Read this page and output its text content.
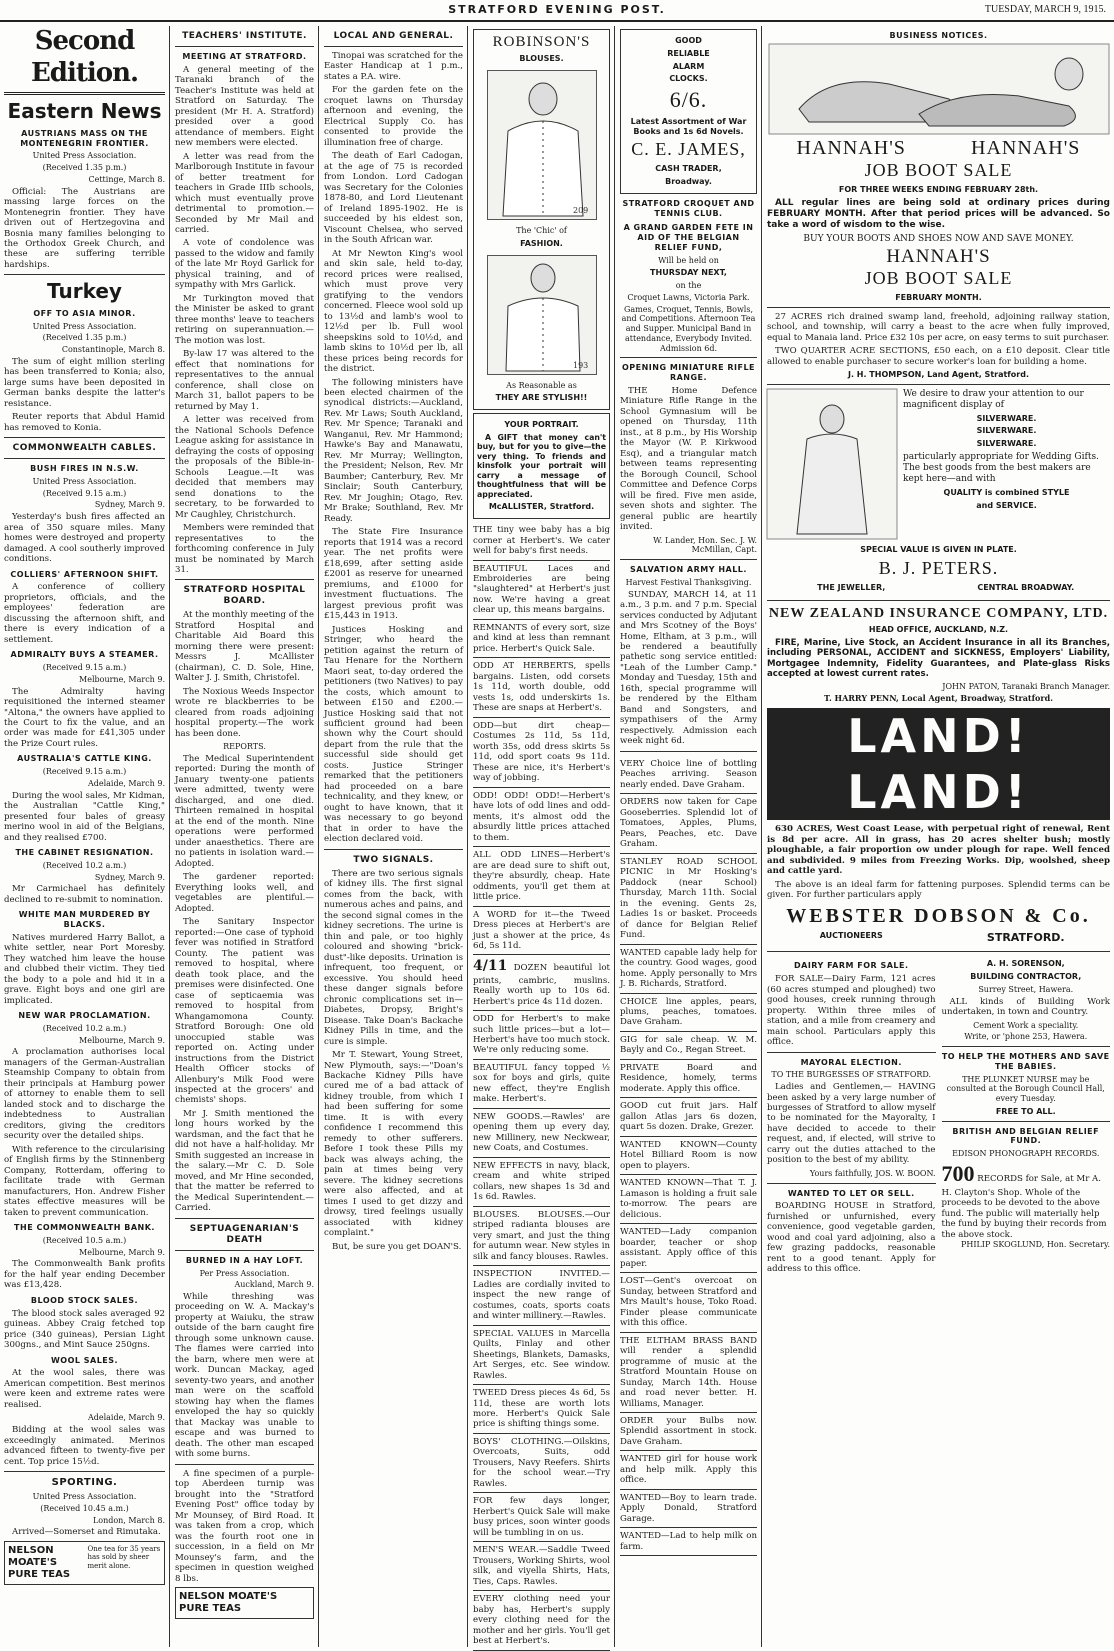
STRATFORD EVENING POST.	TUESDAY, MARCH 9, 1915.
Second Edition.
Eastern News
AUSTRIANS MASS ON THE MONTENEGRIN FRONTIER.
United Press Association.
(Received 1.35 p.m.)
Cettinge, March 8.

Official: The Austrians are massing large forces on the Montenegrin frontier. They have driven out of Hertzegovina and Bosnia many families belonging to the Orthodox Greek Church, and these are suffering terrible hardships.

Turkey
OFF TO ASIA MINOR.
United Press Association.
(Received 1.35 p.m.)
Constantinople, March 8.

The sum of eight million sterling has been transferred to Konia; also, large sums have been deposited in German banks despite the latter's resistance.

Reuter reports that Abdul Hamid has removed to Konia.

COMMONWEALTH CABLES.
BUSH FIRES IN N.S.W.
United Press Association.
(Received 9.15 a.m.)
Sydney, March 9.

Yesterday's bush fires affected an area of 350 square miles. Many homes were destroyed and property damaged. A cool southerly improved conditions.

COLLIERS' AFTERNOON SHIFT.

A conference of colliery proprietors, officials, and the employees' federation are discussing the afternoon shift, and there is every indication of a settlement.

ADMIRALTY BUYS A STEAMER.
(Received 9.15 a.m.)
Melbourne, March 9.

The Admiralty having requisitioned the interned steamer "Altona," the owners have applied to the Court to fix the value, and an order was made for £41,305 under the Prize Court rules.

AUSTRALIA'S CATTLE KING.
(Received 9.15 a.m.)
Adelaide, March 9.

During the wool sales, Mr Kidman, the Australian "Cattle King," presented four bales of greasy merino wool in aid of the Belgians, and they realised £700.

THE CABINET RESIGNATION.
(Received 10.2 a.m.)
Sydney, March 9.

Mr Carmichael has definitely declined to re-submit to nomination.

WHITE MAN MURDERED BY BLACKS.

Natives murdered Harry Ballot, a white settler, near Port Moresby. They watched him leave the house and clubbed their victim. They tied the body to a pole and hid it in a grave. Eight boys and one girl are implicated.

NEW WAR PROCLAMATION.
(Received 10.2 a.m.)
Melbourne, March 9.

A proclamation authorises local managers of the German-Australian Steamship Company to obtain from their principals at Hamburg power of attorney to enable them to sell landed stock and to discharge the indebtedness to Australian creditors, giving the creditors security over the detailed ships.

With reference to the circularising of English firms by the Stinnenberg Company, Rotterdam, offering to facilitate trade with German manufacturers, Hon. Andrew Fisher states effective measures will be taken to prevent communication.

THE COMMONWEALTH BANK.
(Received 10.5 a.m.)
Melbourne, March 9.

The Commonwealth Bank profits for the half year ending December was £13,428.

BLOOD STOCK SALES.

The blood stock sales averaged 92 guineas. Abbey Craig fetched top price (340 guineas), Persian Light 300gns., and Mint Sauce 250gns.

WOOL SALES.

At the wool sales, there was American competition. Best merinos were keen and extreme rates were realised.

Adelaide, March 9.

Bidding at the wool sales was exceedingly animated. Merinos advanced fifteen to twenty-five per cent. Top price 15½d.

SPORTING.
United Press Association.
(Received 10.45 a.m.)
London, March 8.

Arrived—Somerset and Rimutaka.

NELSON MOATE'S PURE TEAS
One tea for 35 years has sold by sheer merit alone.
TEACHERS' INSTITUTE.
MEETING AT STRATFORD.

A general meeting of the Taranaki branch of the Teacher's Institute was held at Stratford on Saturday. The president (Mr H. A. Stratford) presided over a good attendance of members. Eight new members were elected.

A letter was read from the Marlborough Institute in favour of better treatment for teachers in Grade IIIb schools, which must eventually prove detrimental to promotion.—Seconded by Mr Mail and carried.

A vote of condolence was passed to the widow and family of the late Mr Royd Garlick for physical training, and of sympathy with Mrs Garlick.

Mr Turkington moved that the Minister be asked to grant three months' leave to teachers retiring on superannuation.—The motion was lost.

By-law 17 was altered to the effect that nominations for representatives to the annual conference, shall close on March 31, ballot papers to be returned by May 1.

A letter was received from the National Schools Defence League asking for assistance in defraying the costs of opposing the proposals of the Bible-in-Schools League.—It was decided that members may send donations to the secretary, to be forwarded to Mr Caughley, Christchurch.

Members were reminded that representatives to the forthcoming conference in July must be nominated by March 31.

STRATFORD HOSPITAL BOARD.

At the monthly meeting of the Stratford Hospital and Charitable Aid Board this morning there were present: Messrs J. McAllister (chairman), C. D. Sole, Hine, Walter J. J. Smith, Christofel.

The Noxious Weeds Inspector wrote re blackberries to be cleared from roads adjoining hospital property.—The work has been done.

REPORTS.

The Medical Superintendent reported: During the month of January twenty-one patients were admitted, twenty were discharged, and one died. Thirteen remained in hospital at the end of the month. Nine operations were performed under anaesthetics. There are no patients in isolation ward.—Adopted.

The gardener reported: Everything looks well, and vegetables are plentiful.—Adopted.

The Sanitary Inspector reported:—One case of typhoid fever was notified in Stratford County. The patient was removed to hospital, where death took place, and the premises were disinfected. One case of septicaemia was removed to hospital from Whangamomona County. Stratford Borough: One old unoccupied stable was reported on. Acting under instructions from the District Health Officer stocks of Allenbury's Milk Food were inspected at the grocers' and chemists' shops.

Mr J. Smith mentioned the long hours worked by the wardsman, and the fact that he did not have a half-holiday. Mr Smith suggested an increase in the salary.—Mr C. D. Sole moved, and Mr Hine seconded, that the matter be referred to the Medical Superintendent.—Carried.

SEPTUAGENARIAN'S DEATH
BURNED IN A HAY LOFT.
Per Press Association.
Auckland, March 9.

While threshing was proceeding on W. A. Mackay's property at Waiuku, the straw outside of the barn caught fire through some unknown cause. The flames were carried into the barn, where men were at work. Duncan Mackay, aged seventy-two years, and another man were on the scaffold stowing hay when the flames enveloped the hay so quickly that Mackay was unable to escape and was burned to death. The other man escaped with some burns.

A fine specimen of a purple-top Aberdeen turnip was brought into the "Stratford Evening Post" office today by Mr Mounsey, of Bird Road. It was taken from a crop, which was the fourth root one in succession, in a field on Mr Mounsey's farm, and the specimen in question weighed 8 lbs.

NELSON MOATE'S PURE TEAS
LOCAL AND GENERAL.

Tinopai was scratched for the Easter Handicap at 1 p.m., states a P.A. wire.

For the garden fete on the croquet lawns on Thursday afternoon and evening, the Electrical Supply Co. has consented to provide the illumination free of charge.

The death of Earl Cadogan, at the age of 75 is recorded from London. Lord Cadogan was Secretary for the Colonies 1878-80, and Lord Lieutenant of Ireland 1895-1902. He is succeeded by his eldest son, Viscount Chelsea, who served in the South African war.

At Mr Newton King's wool and skin sale, held to-day, record prices were realised, which must prove very gratifying to the vendors concerned. Fleece wool sold up to 13½d and lamb's wool to 12½d per lb. Full wool sheepskins sold to 10½d, and lamb skins to 10½d per lb, all these prices being records for the district.

The following ministers have been elected chairmen of the synodical districts:—Auckland, Rev. Mr Laws; South Auckland, Rev. Mr Spence; Taranaki and Wanganui, Rev. Mr Hammond; Hawke's Bay and Manawatu, Rev. Mr Murray; Wellington, the President; Nelson, Rev. Mr Baumber; Canterbury, Rev. Mr Sinclair; South Canterbury, Rev. Mr Joughin; Otago, Rev. Mr Brake; Southland, Rev. Mr Ready.

The State Fire Insurance reports that 1914 was a record year. The net profits were £18,699, after setting aside £2001 as reserve for unearned premiums, and £1000 for investment fluctuations. The largest previous profit was £15,443 in 1913.

Justices Hosking and Stringer, who heard the petition against the return of Tau Henare for the Northern Maori seat, to-day ordered the petitioners (two Natives) to pay the costs, which amount to between £150 and £200.—Justice Hosking said that not sufficient ground had been shown why the Court should depart from the rule that the successful side should get costs. Justice Stringer remarked that the petitioners had proceeded on a bare technicality, and they knew, or ought to have known, that it was necessary to go beyond that in order to have the election declared void.

TWO SIGNALS.

There are two serious signals of kidney ills. The first signal comes from the back, with numerous aches and pains, and the second signal comes in the kidney secretions. The urine is thin and pale, or too highly coloured and showing "brick-dust"-like deposits. Urination is infrequent, too frequent, or excessive. You should heed these danger signals before chronic complications set in—Diabetes, Dropsy, Bright's Disease. Take Doan's Backache Kidney Pills in time, and the cure is simple.

Mr T. Stewart, Young Street, New Plymouth, says:—"Doan's Backache Kidney Pills have cured me of a bad attack of kidney trouble, from which I had been suffering for some time. It is with every confidence I recommend this remedy to other sufferers. Before I took these Pills my back was always aching, the pain at times being very severe. The kidney secretions were also affected, and at times I used to get dizzy and drowsy, tired feelings usually associated with kidney complaint."

But, be sure you get DOAN'S.

ROBINSON'S
BLOUSES.
209
The 'Chic' of
FASHION.
193
As Reasonable as
THEY ARE STYLISH!!
YOUR PORTRAIT.

A GIFT that money can't buy, but for you to give—the very thing. To friends and kinsfolk your portrait will carry a message of thoughtfulness that will be appreciated.

McALLISTER, Stratford.
THE tiny wee baby has a big corner at Herbert's. We cater well for baby's first needs.
BEAUTIFUL Laces and Embroideries are being "slaughtered" at Herbert's just now. We're having a great clear up, this means bargains.
REMNANTS of every sort, size and kind at less than remnant price. Herbert's Quick Sale.
ODD AT HERBERTS, spells bargains. Listen, odd corsets 1s 11d, worth double, odd vests 1s, odd underskirts 1s. These are snaps at Herbert's.
ODD—but dirt cheap—Costumes 2s 11d, 5s 11d, worth 35s, odd dress skirts 5s 11d, odd sport coats 9s 11d. These are nice, it's Herbert's way of jobbing.
ODD! ODD! ODD!—Herbert's have lots of odd lines and odd-ments, it's almost odd the absurdly little prices attached to them.
ALL ODD LINES—Herbert's are are dead sure to shift out, they're absurdly, cheap. Hate oddments, you'll get them at little price.
A WORD for it—the Tweed Dress pieces at Herbert's are just a shower at the price, 4s 6d, 5s 11d.
4/11 DOZEN beautiful lot prints, cambric, muslins. Really worth up to 10s 6d. Herbert's price 4s 11d dozen.
ODD for Herbert's to make such little prices—but a lot—Herbert's have too much stock. We're only reducing some.
BEAUTIFUL fancy topped ½ sox for boys and girls, quite new effect, they're English make. Herbert's.
NEW GOODS.—Rawles' are opening them up every day, new Millinery, new Neckwear, new Coats, and Costumes.
NEW EFFECTS in navy, black, cream and white striped collars, new shapes 1s 3d and 1s 6d. Rawles.
BLOUSES. BLOUSES.—Our striped radianta blouses are very smart, and just the thing for autumn wear. New styles in silk and fancy blouses. Rawles.
INSPECTION INVITED.—Ladies are cordially invited to inspect the new range of costumes, coats, sports coats and winter millinery.—Rawles.
SPECIAL VALUES in Marcella Quilts, Finlay and other Sheetings, Blankets, Damasks, Art Serges, etc. See window. Rawles.
TWEED Dress pieces 4s 6d, 5s 11d, these are worth lots more. Herbert's Quick Sale price is shifting things some.
BOYS' CLOTHING.—Oilskins, Overcoats, Suits, odd Trousers, Navy Reefers. Shirts for the school wear.—Try Rawles.
FOR few days longer, Herbert's Quick Sale will make busy prices, soon winter goods will be tumbling in on us.
MEN'S WEAR.—Saddle Tweed Trousers, Working Shirts, wool silk, and viyella Shirts, Hats, Ties, Caps. Rawles.
EVERY clothing need your baby has, Herbert's supply every clothing need for the mother and her girls. You'll get best at Herbert's.
GOOD
RELIABLE
ALARM
CLOCKS.
6/6.
Latest Assortment of War Books and 1s 6d Novels.
C. E. JAMES,
CASH TRADER,
Broadway.
STRATFORD CROQUET AND TENNIS CLUB.
A GRAND GARDEN FETE IN AID OF THE BELGIAN RELIEF FUND,
Will be held on
THURSDAY NEXT,
on the
Croquet Lawns, Victoria Park.
Games, Croquet, Tennis, Bowls, and Competitions. Afternoon Tea and Supper. Municipal Band in attendance, Everybody Invited. Admission 6d.
OPENING MINIATURE RIFLE RANGE.

THE Home Defence Miniature Rifle Range in the School Gymnasium will be opened on Thursday, 11th inst., at 8 p.m., by His Worship the Mayor (W. P. Kirkwood Esq), and a triangular match between teams representing the Borough Council, School Committee and Defence Corps will be fired. Five men aside, seven shots and sighter. The general public are heartily invited.

W. Lander, Hon. Sec. J. W. McMillan, Capt.
SALVATION ARMY HALL.
Harvest Festival Thanksgiving.

SUNDAY, MARCH 14, at 11 a.m., 3 p.m. and 7 p.m. Special services conducted by Adjutant and Mrs Scotney of the Boys' Home, Eltham, at 3 p.m., will be rendered a beautifully pathetic song service entitled: "Leah of the Lumber Camp." Monday and Tuesday, 15th and 16th, special programme will be rendered by the Eltham Band and Songsters, and sympathisers of the Army respectively. Admission each week night 6d.

VERY Choice line of bottling Peaches arriving. Season nearly ended. Dave Graham.
ORDERS now taken for Cape Gooseberries. Splendid lot of Tomatoes, Apples, Plums, Pears, Peaches, etc. Dave Graham.
STANLEY ROAD SCHOOL PICNIC in Mr Hosking's Paddock (near School) Thursday, March 11th. Social in the evening. Gents 2s, Ladies 1s or basket. Proceeds of dance for Belgian Relief Fund.
WANTED capable lady help for the country. Good wages, good home. Apply personally to Mrs J. B. Richards, Stratford.
CHOICE line apples, pears, plums, peaches, tomatoes. Dave Graham.
GIG for sale cheap. W. M. Bayly and Co., Regan Street.
PRIVATE Board and Residence, homely, terms moderate. Apply this office.
GOOD cut fruit jars. Half gallon Atlas jars 6s dozen, quart 5s dozen. Drake, Grezer.
WANTED KNOWN—County Hotel Billiard Room is now open to players.
WANTED KNOWN—That T. J. Lamason is holding a fruit sale to-morrow. The pears are delicious.
WANTED—Lady companion boarder, teacher or shop assistant. Apply office of this paper.
LOST—Gent's overcoat on Sunday, between Stratford and Mrs Mault's house, Toko Road. Finder please communicate with this office.
THE ELTHAM BRASS BAND will render a splendid programme of music at the Stratford Mountain House on Sunday, March 14th. House and road never better. H. Williams, Manager.
ORDER your Bulbs now. Splendid assortment in stock. Dave Graham.
WANTED girl for house work and help milk. Apply this office.
WANTED—Boy to learn trade. Apply Donald, Stratford Garage.
WANTED—Lad to help milk on farm.
BUSINESS NOTICES.
HANNAH'S	HANNAH'S
JOB BOOT SALE
FOR THREE WEEKS ENDING FEBRUARY 28th.

ALL regular lines are being sold at ordinary prices during FEBRUARY MONTH. After that period prices will be advanced. So take a word of wisdom to the wise.

BUY YOUR BOOTS AND SHOES NOW AND SAVE MONEY.
HANNAH'S
JOB BOOT SALE
FEBRUARY MONTH.

27 ACRES rich drained swamp land, freehold, adjoining railway station, school, and township, will carry a beast to the acre when fully improved, equal to Manaia land. Price £32 10s per acre, on easy terms to suit purchaser.

TWO QUARTER ACRE SECTIONS, £50 each, on a £10 deposit. Clear title allowed to enable purchaser to secure worker's loan for building a home.

J. H. THOMPSON, Land Agent, Stratford.
We desire to draw your attention to our magnificent display of
SILVERWARE.
SILVERWARE.
SILVERWARE.
particularly appropriate for Wedding Gifts. The best goods from the best makers are kept here—and with
QUALITY is combined STYLE
and SERVICE.
SPECIAL VALUE IS GIVEN IN PLATE.
B. J. PETERS.
THE JEWELLER,	CENTRAL BROADWAY.
NEW ZEALAND INSURANCE COMPANY, LTD.
HEAD OFFICE, AUCKLAND, N.Z.

FIRE, Marine, Live Stock, an Accident Insurance in all its Branches, including PERSONAL, ACCIDENT and SICKNESS, Employers' Liability, Mortgagee Indemnity, Fidelity Guarantees, and Plate-glass Risks accepted at lowest current rates.

JOHN PATON, Taranaki Branch Manager.
T. HARRY PENN, Local Agent, Broadway, Stratford.
LAND! LAND!

630 ACRES, West Coast Lease, with perpetual right of renewal, Rent is 8d per acre. All in grass, has 20 acres shelter bush; mostly ploughable, a fair proportion ow under plough for rape. Well fenced and subdivided. 9 miles from Freezing Works. Dip, woolshed, sheep and cattle yard.

The above is an ideal farm for fattening purposes. Splendid terms can be given. For further particulars apply

WEBSTER DOBSON & Co.
AUCTIONEERS	STRATFORD.
DAIRY FARM FOR SALE.

FOR SALE—Dairy Farm, 121 acres (60 acres stumped and ploughed) two good houses, creek running through property. Within three miles of station, and a mile from creamery and main school. Particulars apply this office.

MAYORAL ELECTION.
TO THE BURGESSES OF STRATFORD.

Ladies and Gentlemen,— HAVING been asked by a very large number of burgesses of Stratford to allow myself to be nominated for the Mayoralty, I have decided to accede to their request, and, if elected, will strive to carry out the duties attached to the position to the best of my ability.

Yours faithfully, JOS. W. BOON.
WANTED TO LET OR SELL.

BOARDING HOUSE in Stratford, furnished or unfurnished, every convenience, good vegetable garden, wood and coal yard adjoining, also a few grazing paddocks, reasonable rent to a good tenant. Apply for address to this office.

A. H. SORENSON,
BUILDING CONTRACTOR,
Surrey Street, Hawera.

ALL kinds of Building Work undertaken, in town and Country.

Cement Work a speciality.
Write, or 'phone 253, Hawera.
TO HELP THE MOTHERS AND SAVE THE BABIES.
THE PLUNKET NURSE may be consulted at the Borough Council Hall, every Tuesday.
FREE TO ALL.
BRITISH AND BELGIAN RELIEF FUND.
EDISON PHONOGRAPH RECORDS.
700 RECORDS for Sale, at Mr A. H. Clayton's Shop. Whole of the proceeds to be devoted to the above fund. The public will materially help the fund by buying their records from the above stock.
PHILIP SKOGLUND, Hon. Secretary.
